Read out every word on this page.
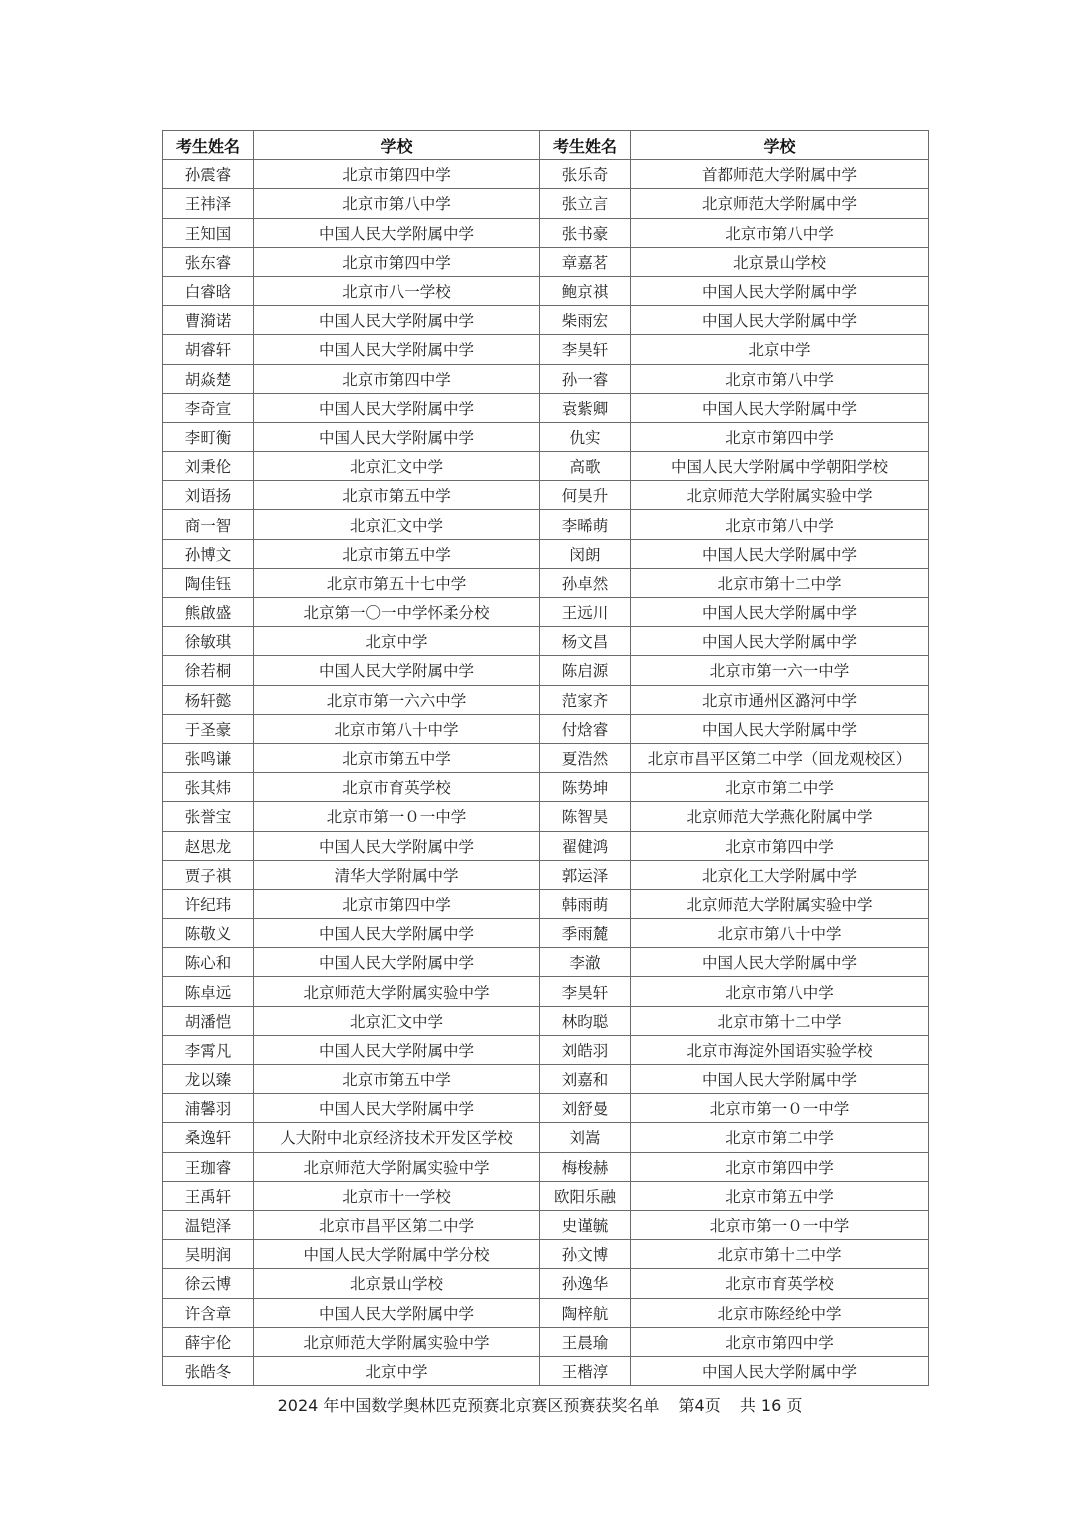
考生姓名	学校	考生姓名	学校
孙震睿	北京市第四中学	张乐奇	首都师范大学附属中学
王祎泽	北京市第八中学	张立言	北京师范大学附属中学
王知国	中国人民大学附属中学	张书豪	北京市第八中学
张东睿	北京市第四中学	章嘉茗	北京景山学校
白睿晗	北京市八一学校	鲍京祺	中国人民大学附属中学
曹漪诺	中国人民大学附属中学	柴雨宏	中国人民大学附属中学
胡睿轩	中国人民大学附属中学	李昊轩	北京中学
胡焱楚	北京市第四中学	孙一睿	北京市第八中学
李奇宣	中国人民大学附属中学	袁紫卿	中国人民大学附属中学
李町衡	中国人民大学附属中学	仇实	北京市第四中学
刘秉伦	北京汇文中学	高歌	中国人民大学附属中学朝阳学校
刘语扬	北京市第五中学	何昊升	北京师范大学附属实验中学
商一智	北京汇文中学	李晞萌	北京市第八中学
孙博文	北京市第五中学	闵朗	中国人民大学附属中学
陶佳钰	北京市第五十七中学	孙卓然	北京市第十二中学
熊啟盛	北京第一〇一中学怀柔分校	王远川	中国人民大学附属中学
徐敏琪	北京中学	杨文昌	中国人民大学附属中学
徐若桐	中国人民大学附属中学	陈启源	北京市第一六一中学
杨轩懿	北京市第一六六中学	范家齐	北京市通州区潞河中学
于圣豪	北京市第八十中学	付焓睿	中国人民大学附属中学
张鸣谦	北京市第五中学	夏浩然	北京市昌平区第二中学（回龙观校区）
张其炜	北京市育英学校	陈势坤	北京市第二中学
张誉宝	北京市第一０一中学	陈智昊	北京师范大学燕化附属中学
赵思龙	中国人民大学附属中学	翟健鸿	北京市第四中学
贾子祺	清华大学附属中学	郭运泽	北京化工大学附属中学
许纪玮	北京市第四中学	韩雨萌	北京师范大学附属实验中学
陈敬义	中国人民大学附属中学	季雨麓	北京市第八十中学
陈心和	中国人民大学附属中学	李澈	中国人民大学附属中学
陈卓远	北京师范大学附属实验中学	李昊轩	北京市第八中学
胡潘恺	北京汇文中学	林昀聪	北京市第十二中学
李霄凡	中国人民大学附属中学	刘皓羽	北京市海淀外国语实验学校
龙以臻	北京市第五中学	刘嘉和	中国人民大学附属中学
浦馨羽	中国人民大学附属中学	刘舒曼	北京市第一０一中学
桑逸轩	人大附中北京经济技术开发区学校	刘嵩	北京市第二中学
王珈睿	北京师范大学附属实验中学	梅梭赫	北京市第四中学
王禹轩	北京市十一学校	欧阳乐融	北京市第五中学
温铠泽	北京市昌平区第二中学	史谨毓	北京市第一０一中学
吴明润	中国人民大学附属中学分校	孙文博	北京市第十二中学
徐云博	北京景山学校	孙逸华	北京市育英学校
许含章	中国人民大学附属中学	陶梓航	北京市陈经纶中学
薛宇伦	北京师范大学附属实验中学	王晨瑜	北京市第四中学
张皓冬	北京中学	王楷淳	中国人民大学附属中学
2024 年中国数学奥林匹克预赛北京赛区预赛获奖名单 第4页 共 16 页
